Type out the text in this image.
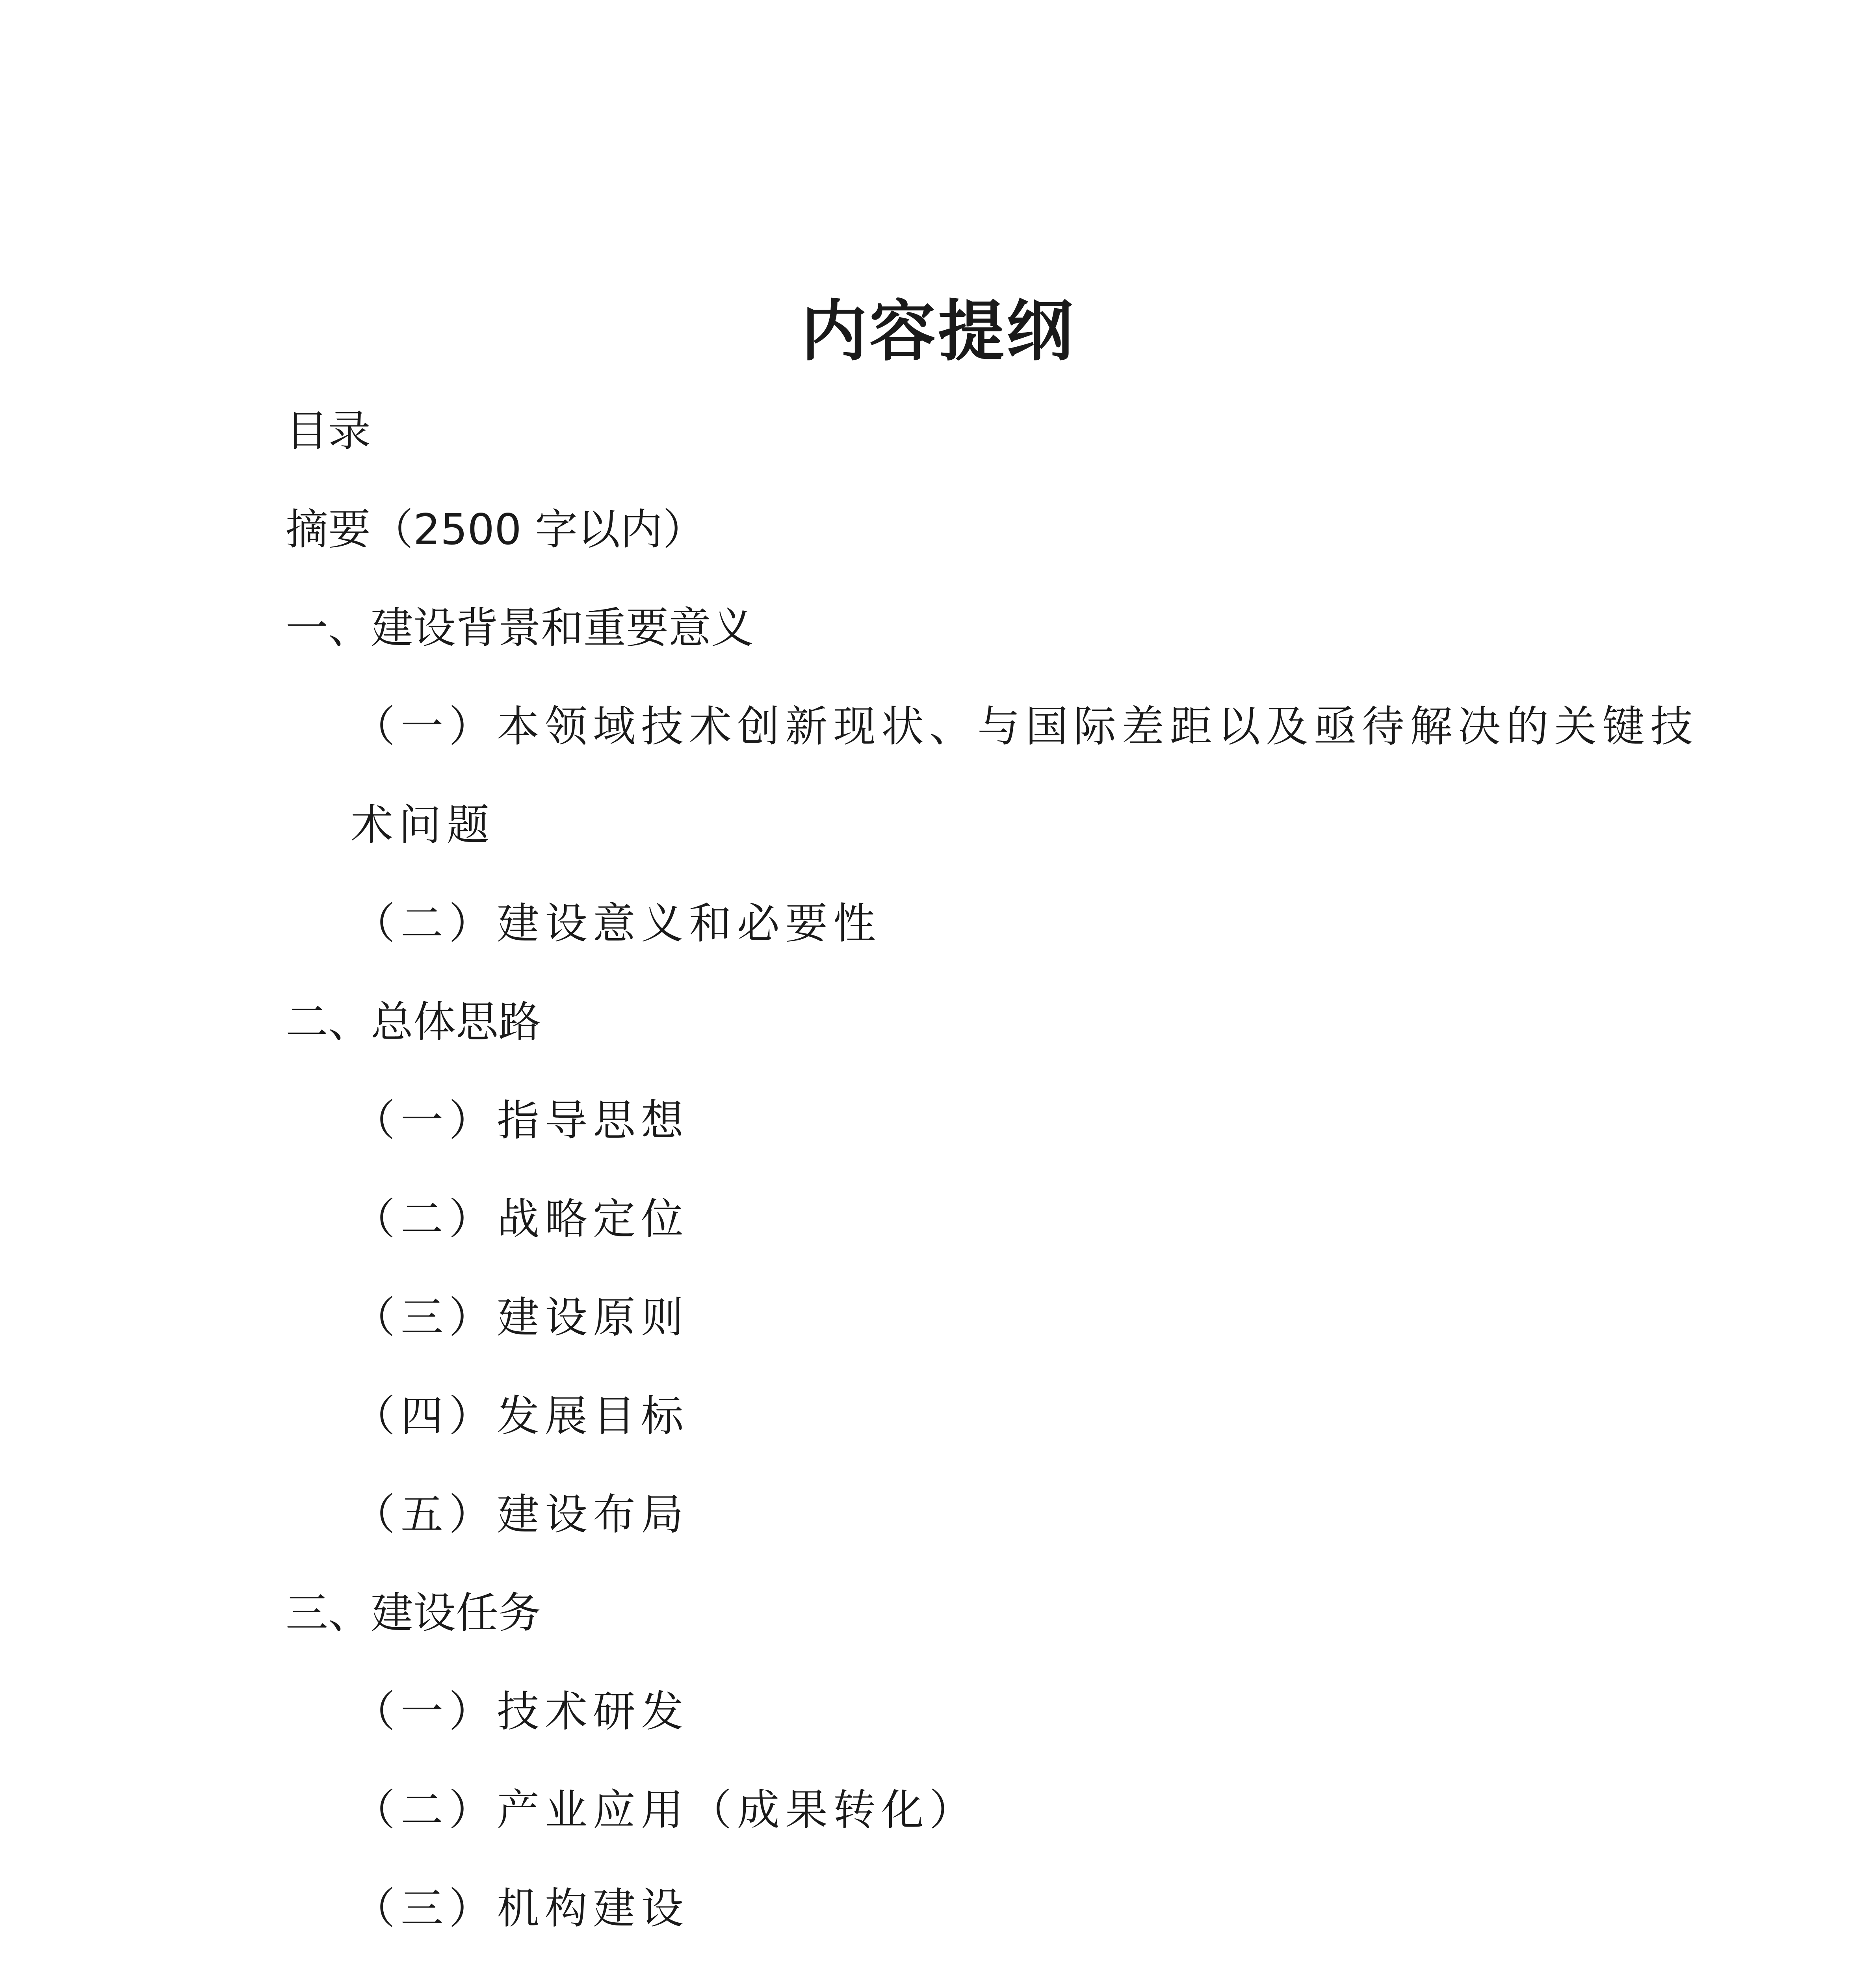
内容提纲
目录
摘要（2500 字以内）
一、建设背景和重要意义
（一）本领域技术创新现状、与国际差距以及亟待解决的关键技
术问题
（二）建设意义和必要性
二、总体思路
（一）指导思想
（二）战略定位
（三）建设原则
（四）发展目标
（五）建设布局
三、建设任务
（一）技术研发
（二）产业应用（成果转化）
（三）机构建设
